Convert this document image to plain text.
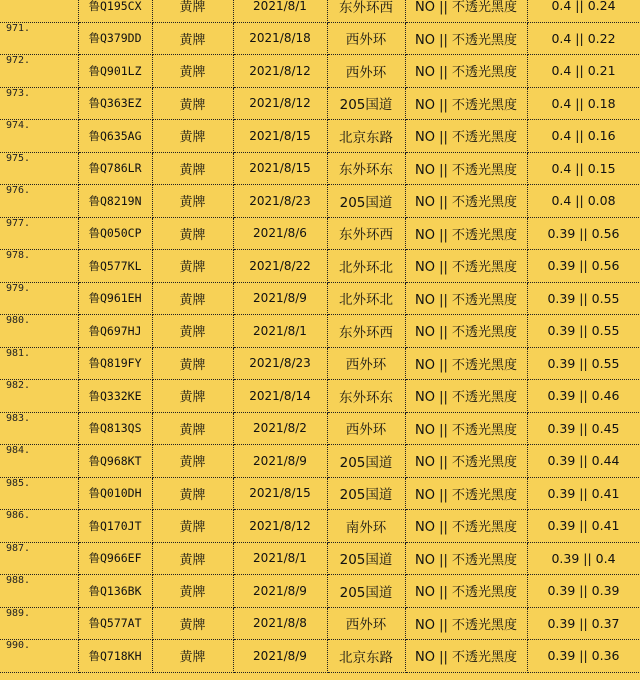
	鲁Q195CX	黄牌	2021/8/1	东外环西	NO || 不透光黑度	0.4 || 0.24
971.	鲁Q379DD	黄牌	2021/8/18	西外环	NO || 不透光黑度	0.4 || 0.22
972.	鲁Q901LZ	黄牌	2021/8/12	西外环	NO || 不透光黑度	0.4 || 0.21
973.	鲁Q363EZ	黄牌	2021/8/12	205国道	NO || 不透光黑度	0.4 || 0.18
974.	鲁Q635AG	黄牌	2021/8/15	北京东路	NO || 不透光黑度	0.4 || 0.16
975.	鲁Q786LR	黄牌	2021/8/15	东外环东	NO || 不透光黑度	0.4 || 0.15
976.	鲁Q8219N	黄牌	2021/8/23	205国道	NO || 不透光黑度	0.4 || 0.08
977.	鲁Q050CP	黄牌	2021/8/6	东外环西	NO || 不透光黑度	0.39 || 0.56
978.	鲁Q577KL	黄牌	2021/8/22	北外环北	NO || 不透光黑度	0.39 || 0.56
979.	鲁Q961EH	黄牌	2021/8/9	北外环北	NO || 不透光黑度	0.39 || 0.55
980.	鲁Q697HJ	黄牌	2021/8/1	东外环西	NO || 不透光黑度	0.39 || 0.55
981.	鲁Q819FY	黄牌	2021/8/23	西外环	NO || 不透光黑度	0.39 || 0.55
982.	鲁Q332KE	黄牌	2021/8/14	东外环东	NO || 不透光黑度	0.39 || 0.46
983.	鲁Q813QS	黄牌	2021/8/2	西外环	NO || 不透光黑度	0.39 || 0.45
984.	鲁Q968KT	黄牌	2021/8/9	205国道	NO || 不透光黑度	0.39 || 0.44
985.	鲁Q010DH	黄牌	2021/8/15	205国道	NO || 不透光黑度	0.39 || 0.41
986.	鲁Q170JT	黄牌	2021/8/12	南外环	NO || 不透光黑度	0.39 || 0.41
987.	鲁Q966EF	黄牌	2021/8/1	205国道	NO || 不透光黑度	0.39 || 0.4
988.	鲁Q136BK	黄牌	2021/8/9	205国道	NO || 不透光黑度	0.39 || 0.39
989.	鲁Q577AT	黄牌	2021/8/8	西外环	NO || 不透光黑度	0.39 || 0.37
990.	鲁Q718KH	黄牌	2021/8/9	北京东路	NO || 不透光黑度	0.39 || 0.36
